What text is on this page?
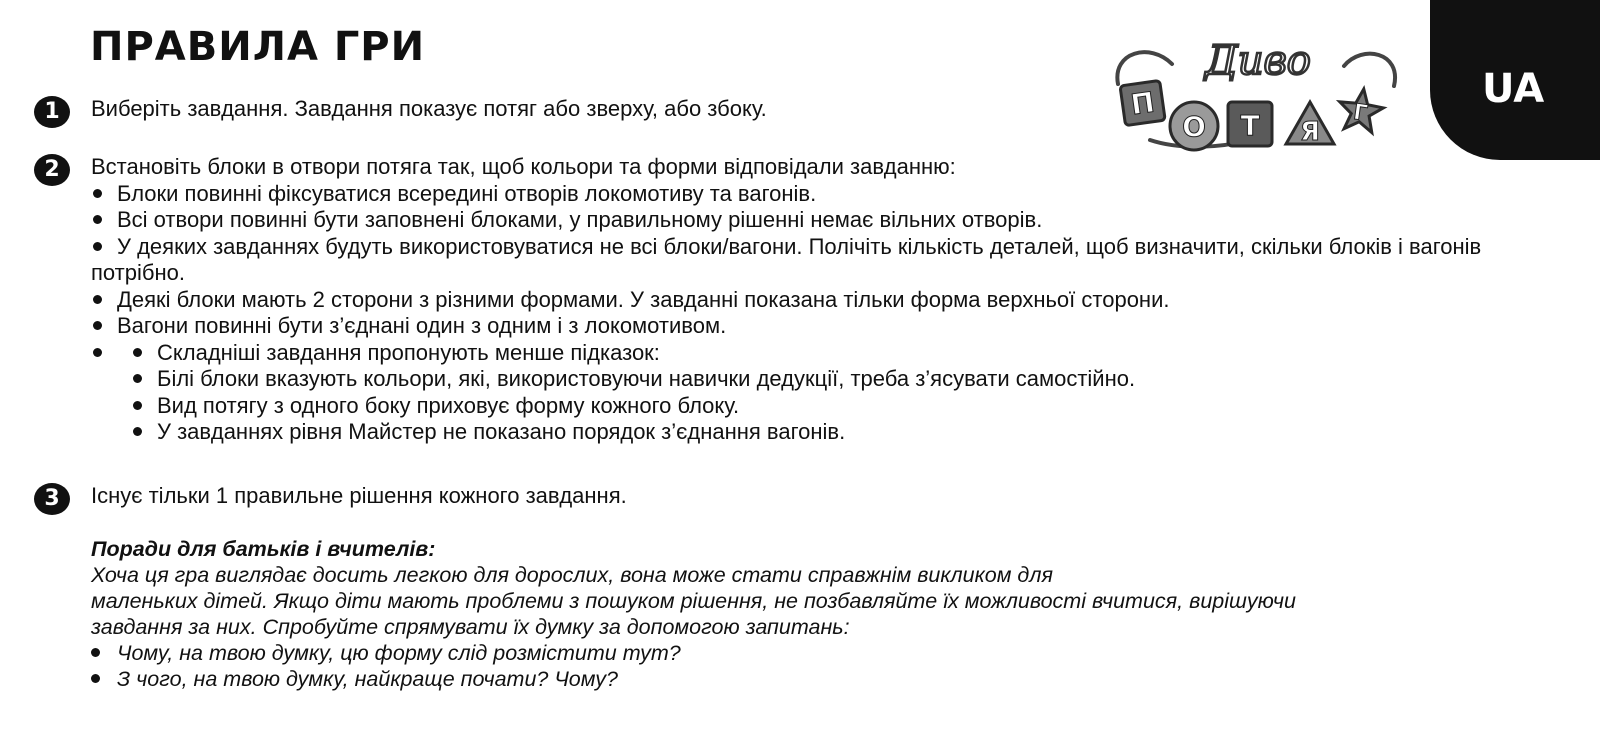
ПРАВИЛА ГРИ
UA
Диво
П
О Т Я
Г
1	Виберіть завдання. Завдання показує потяг або зверху, або збоку.
2	Встановіть блоки в отвори потяга так, щоб кольори та форми відповідали завданню:
Блоки повинні фіксуватися всередині отворів локомотиву та вагонів.
Всі отвори повинні бути заповнені блоками, у правильному рішенні немає вільних отворів.
У деяких завданнях будуть використовуватися не всі блоки/вагони. Полічіть кількість деталей, щоб визначити, скільки блоків і вагонів потрібно.
Деякі блоки мають 2 сторони з різними формами. У завданні показана тільки форма верхньої сторони.
Вагони повинні бути з’єднані один з одним і з локомотивом.
Складніші завдання пропонують менше підказок:
Білі блоки вказують кольори, які, використовуючи навички дедукції, треба з’ясувати самостійно.
Вид потягу з одного боку приховує форму кожного блоку.
У завданнях рівня Майстер не показано порядок з’єднання вагонів.
3	Існує тільки 1 правильне рішення кожного завдання.
Поради для батьків і вчителів:
Хоча ця гра виглядає досить легкою для дорослих, вона може стати справжнім викликом для
маленьких дітей. Якщо діти мають проблеми з пошуком рішення, не позбавляйте їх можливості вчитися, вирішуючи
завдання за них. Спробуйте спрямувати їх думку за допомогою запитань:
Чому, на твою думку, цю форму слід розмістити тут?
З чого, на твою думку, найкраще почати? Чому?
